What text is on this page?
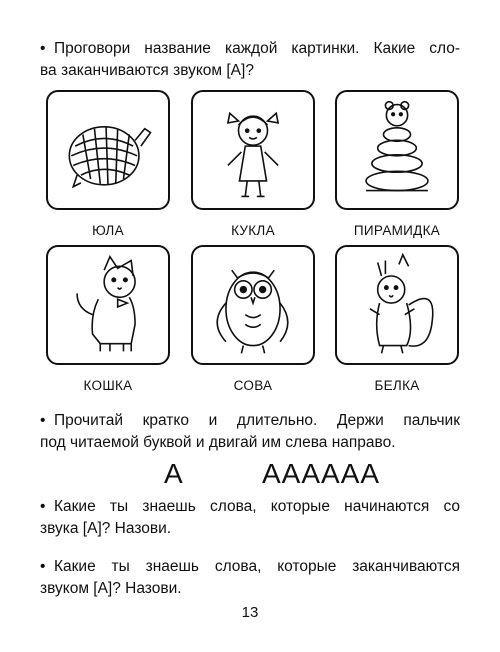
• Проговори название каждой картинки. Какие сло-
ва заканчиваются звуком [А]?
ЮЛА	КУКЛА	ПИРАМИДКА
КОШКА	СОВА	БЕЛКА
• Прочитай кратко и длительно. Держи пальчик
под читаемой буквой и двигай им слева направо.
А	АААААА
• Какие ты знаешь слова, которые начинаются со
звука [А]? Назови.
• Какие ты знаешь слова, которые заканчиваются
звуком [А]? Назови.
13
